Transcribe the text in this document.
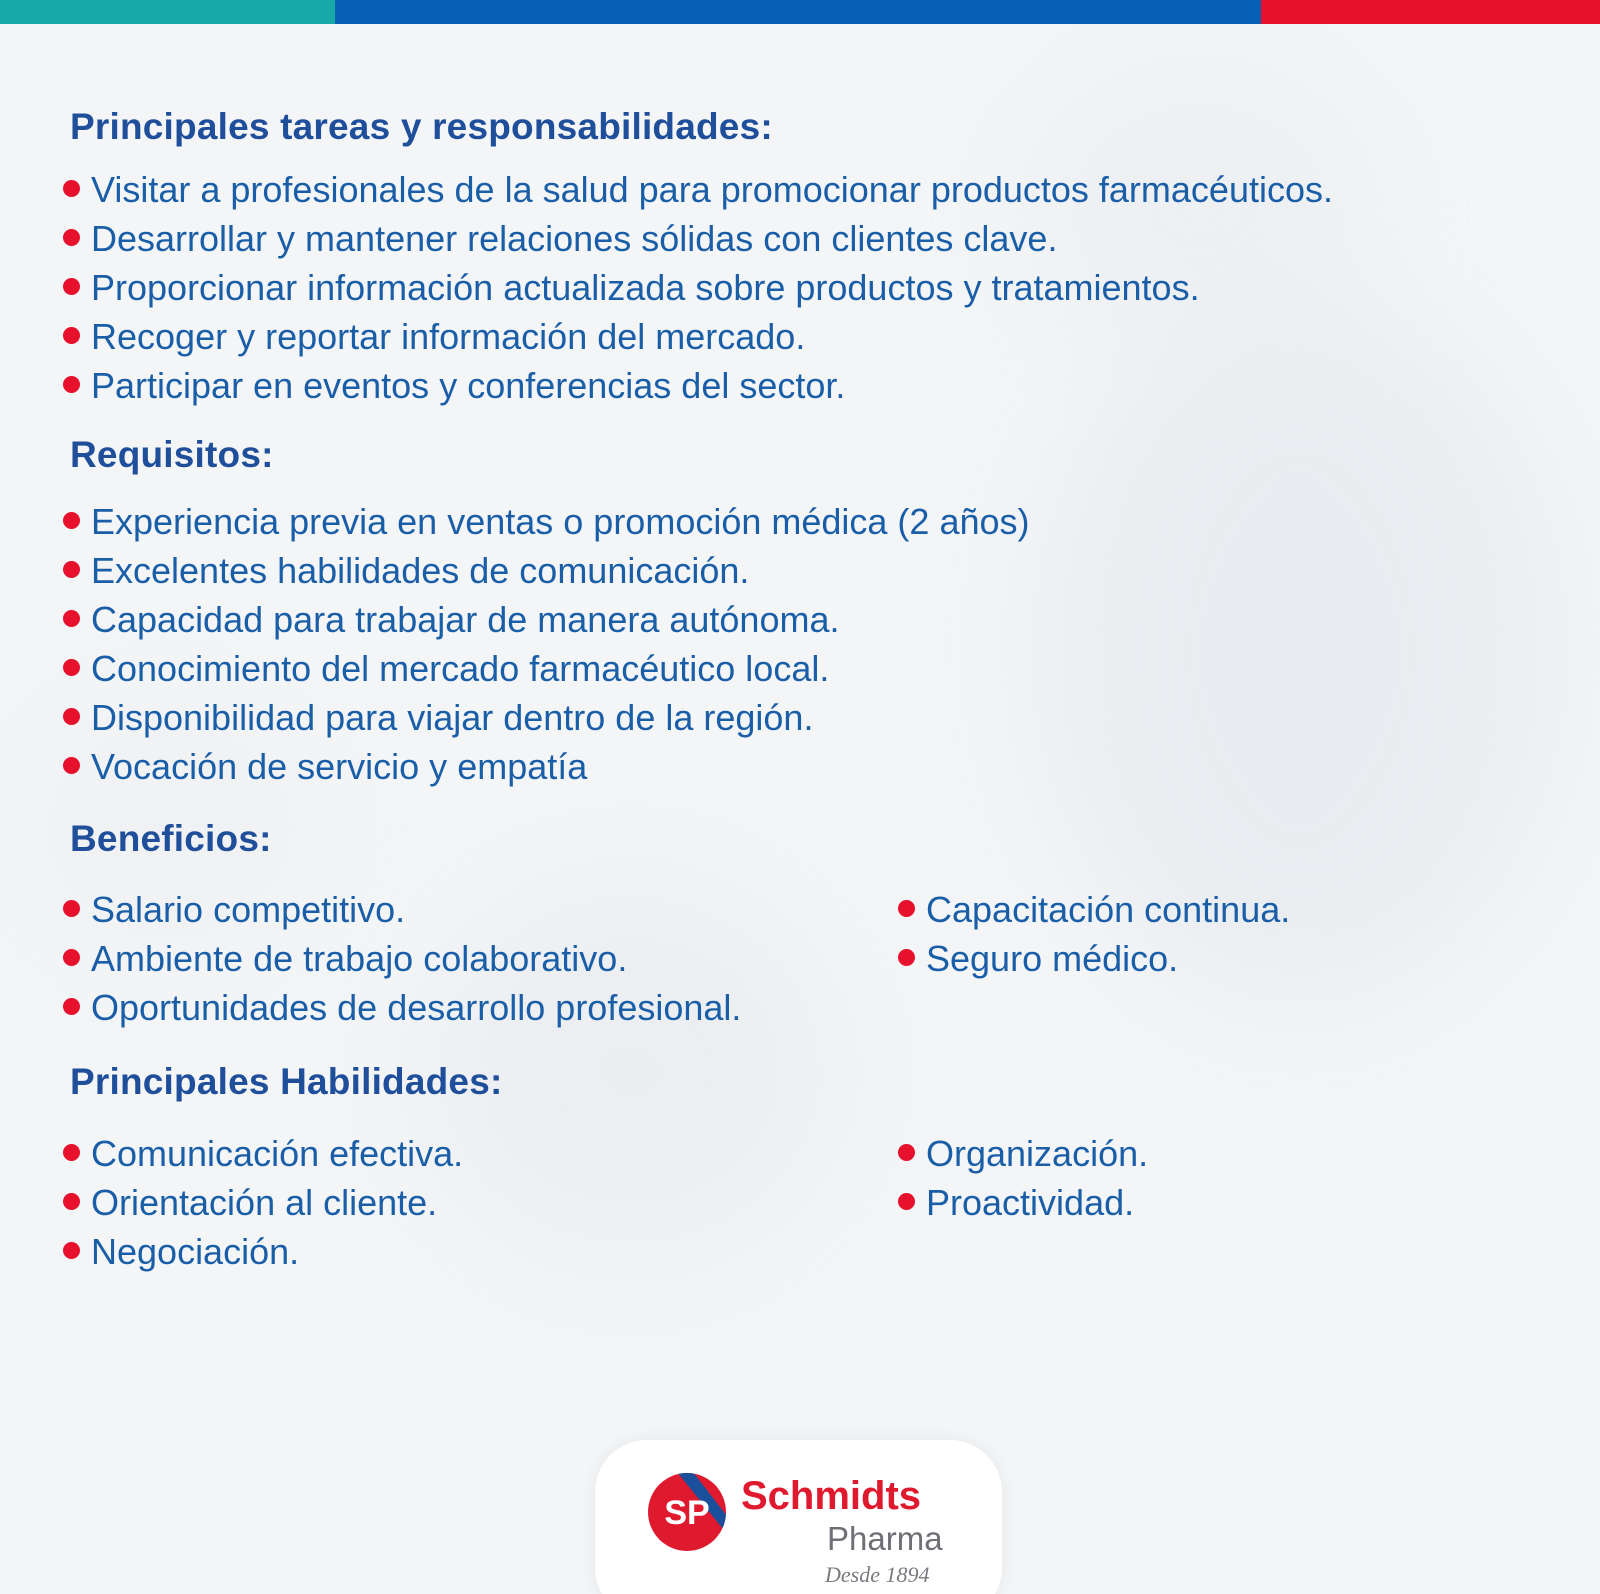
Principales tareas y responsabilidades:
Visitar a profesionales de la salud para promocionar productos farmacéuticos.
Desarrollar y mantener relaciones sólidas con clientes clave.
Proporcionar información actualizada sobre productos y tratamientos.
Recoger y reportar información del mercado.
Participar en eventos y conferencias del sector.
Requisitos:
Experiencia previa en ventas o promoción médica (2 años)
Excelentes habilidades de comunicación.
Capacidad para trabajar de manera autónoma.
Conocimiento del mercado farmacéutico local.
Disponibilidad para viajar dentro de la región.
Vocación de servicio y empatía
Beneficios:
Salario competitivo.
Ambiente de trabajo colaborativo.
Oportunidades de desarrollo profesional.
Capacitación continua.
Seguro médico.
Principales Habilidades:
Comunicación efectiva.
Orientación al cliente.
Negociación.
Organización.
Proactividad.
SP Schmidts
Pharma
Desde 1894
